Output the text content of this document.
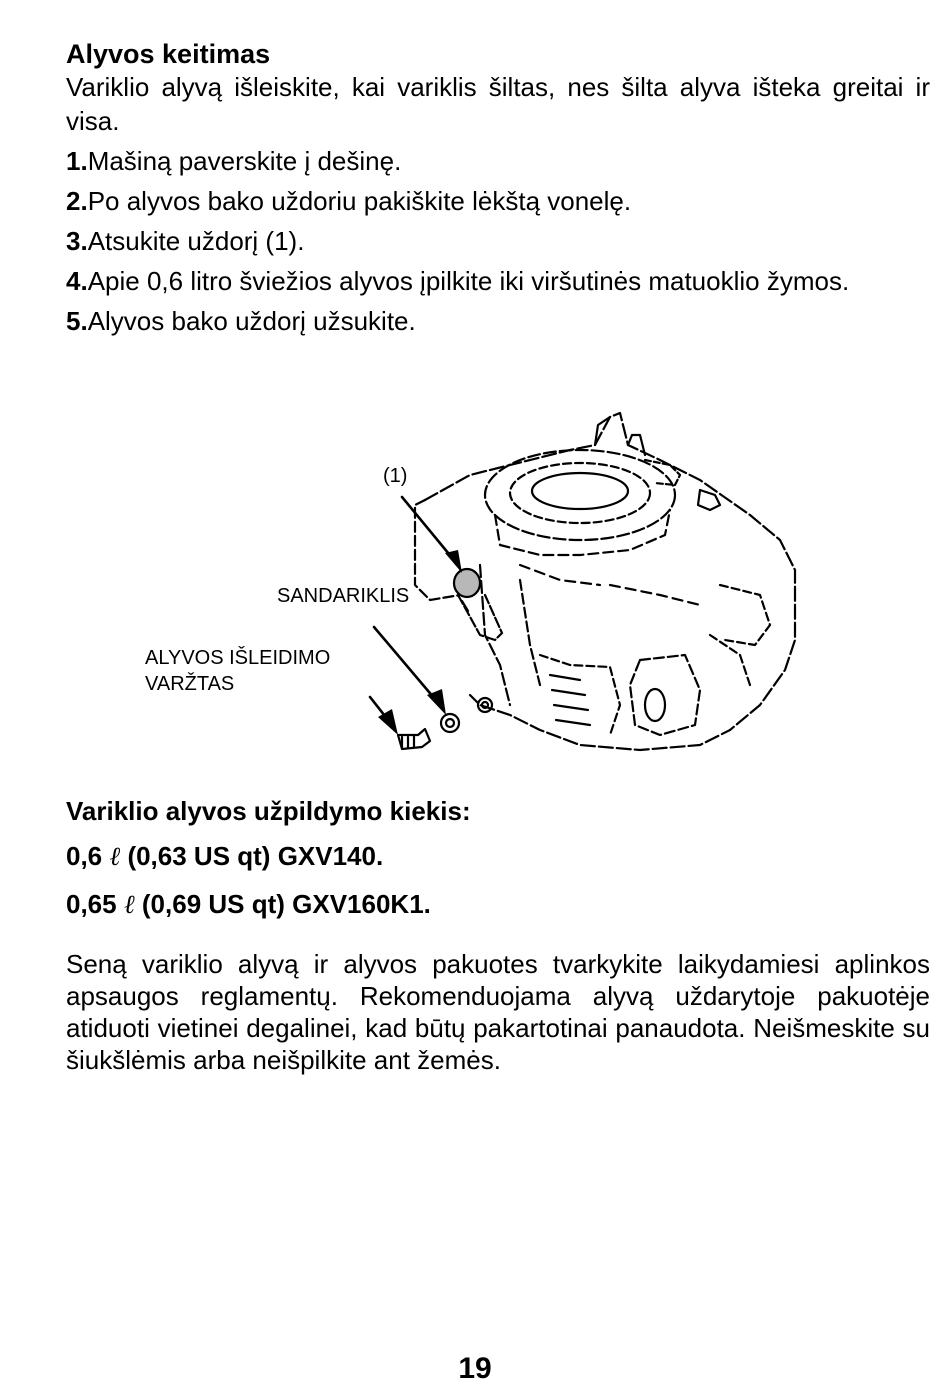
Alyvos keitimas

Variklio alyvą išleiskite, kai variklis šiltas, nes šilta alyva išteka greitai ir visa.

1. Mašiną paverskite į dešinę.
2. Po alyvos bako uždoriu pakiškite lėkštą vonelę.
3. Atsukite uždorį (1).
4. Apie 0,6 litro šviežios alyvos įpilkite iki viršutinės matuoklio žymos.
5. Alyvos bako uždorį užsukite.
(1)
SANDARIKLIS
ALYVOS IŠLEIDIMO
VARŽTAS
Variklio alyvos užpildymo kiekis:
0,6 ℓ (0,63 US qt) GXV140.
0,65 ℓ (0,69 US qt) GXV160K1.

Seną variklio alyvą ir alyvos pakuotes tvarkykite laikydamiesi aplinkos apsaugos reglamentų. Rekomenduojama alyvą uždarytoje pakuotėje atiduoti vietinei degalinei, kad būtų pakartotinai panaudota. Neišmeskite su šiukšlėmis arba neišpilkite ant žemės.

19
